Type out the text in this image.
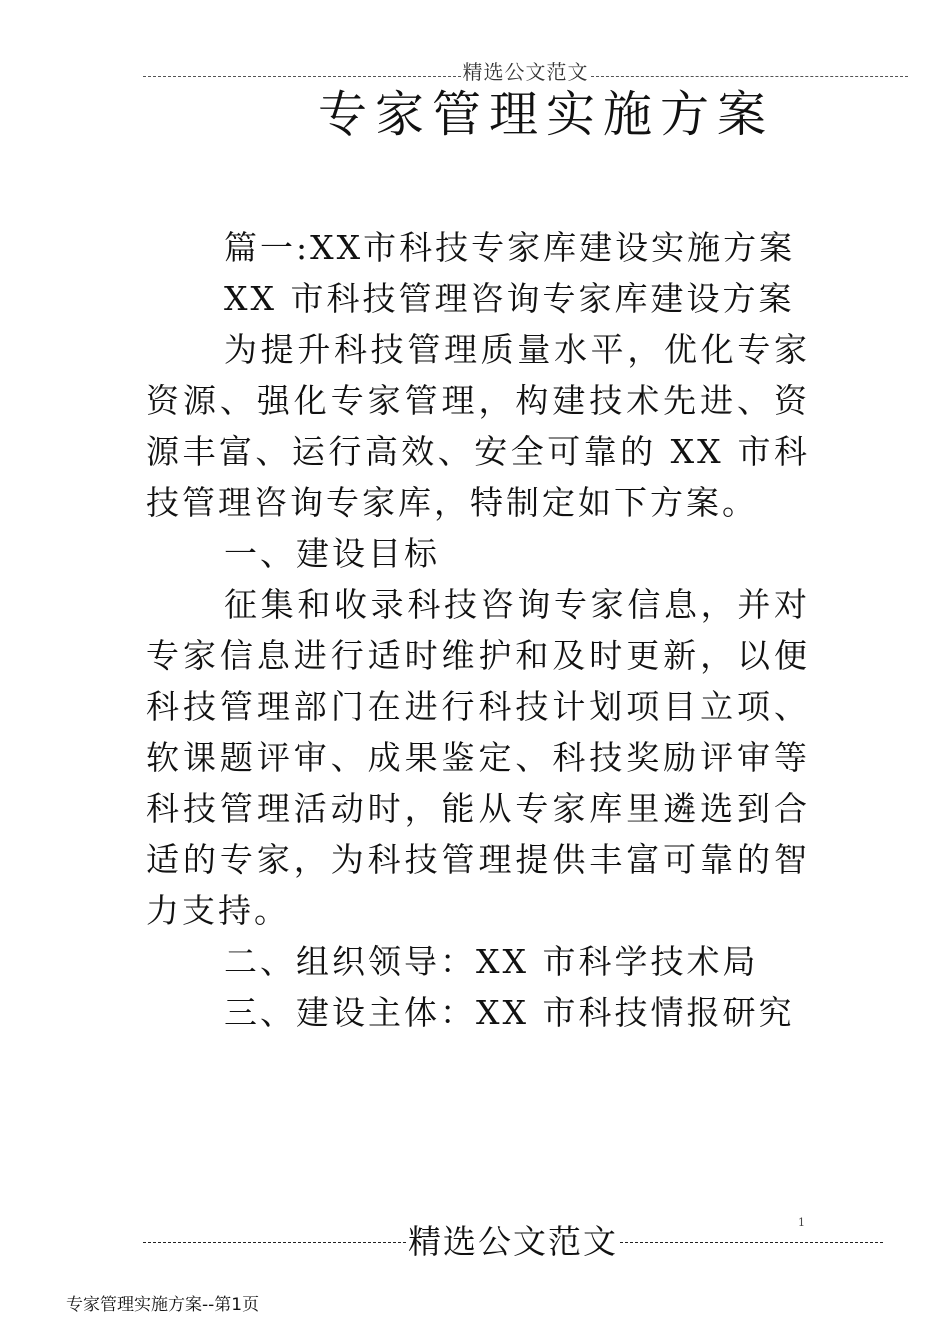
精选公文范文
专家管理实施方案

篇一:XX市科技专家库建设实施方案

XX 市科技管理咨询专家库建设方案

为提升科技管理质量水平，优化专家资源、强化专家管理，构建技术先进、资源丰富、运行高效、安全可靠的 XX 市科技管理咨询专家库，特制定如下方案。

一、建设目标

征集和收录科技咨询专家信息，并对专家信息进行适时维护和及时更新，以便科技管理部门在进行科技计划项目立项、软课题评审、成果鉴定、科技奖励评审等科技管理活动时，能从专家库里遴选到合适的专家，为科技管理提供丰富可靠的智力支持。

二、组织领导：XX 市科学技术局

三、建设主体：XX 市科技情报研究

精选公文范文	1
专家管理实施方案--第1页
